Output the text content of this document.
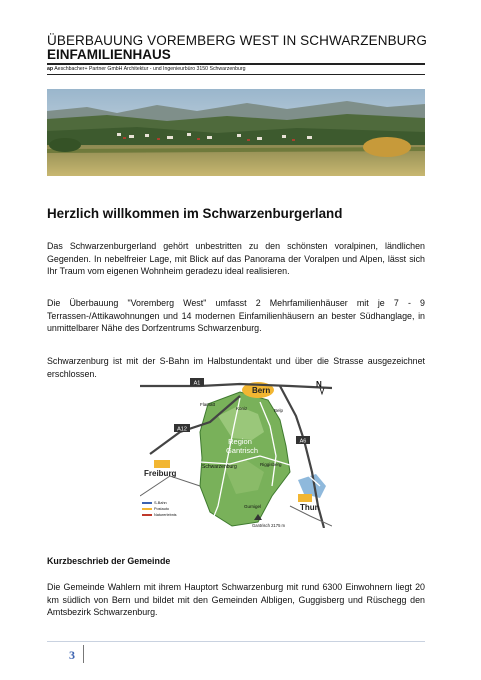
ÜBERBAUUNG VOREMBERG WEST IN SCHWARZENBURG
EINFAMILIENHAUS
ap Aeschbacher+ Partner GmbH Architektur - und Ingenieurbüro 3150 Schwarzenburg
Herzlich willkommen im Schwarzenburgerland
Das Schwarzenburgerland gehört unbestritten zu den schönsten voralpinen, ländlichen Gegenden. In nebelfreier Lage, mit Blick auf das Panorama der Voralpen und Alpen, lässt sich Ihr Traum vom eigenen Wohnheim geradezu ideal realisieren.
Die Überbauung "Voremberg West" umfasst 2 Mehrfamilienhäuser mit je 7 - 9 Terrassen-/Attikawohnungen und 14 modernen Einfamilienhäusern an bester Südhanglage, in unmittelbarer Nähe des Dorfzentrums Schwarzenburg.
Schwarzenburg ist mit der S-Bahn im Halbstundentakt und über die Strasse ausgezeichnet erschlossen.
A1
A12
A6
Bern
Freiburg
Thun
Schwarzenburg
Region
Gantrisch
Flamatt
Köniz	Belp
Riggisberg
Gurnigel
Gantrisch 2175 m
N
S-Bahn
Postauto
Naturerlebnis
Kurzbeschrieb der Gemeinde
Die Gemeinde Wahlern mit ihrem Hauptort Schwarzenburg mit rund 6300 Einwohnern liegt 20 km südlich von Bern und bildet mit den Gemeinden Albligen, Guggisberg und Rüschegg den Amtsbezirk Schwarzenburg.
3
